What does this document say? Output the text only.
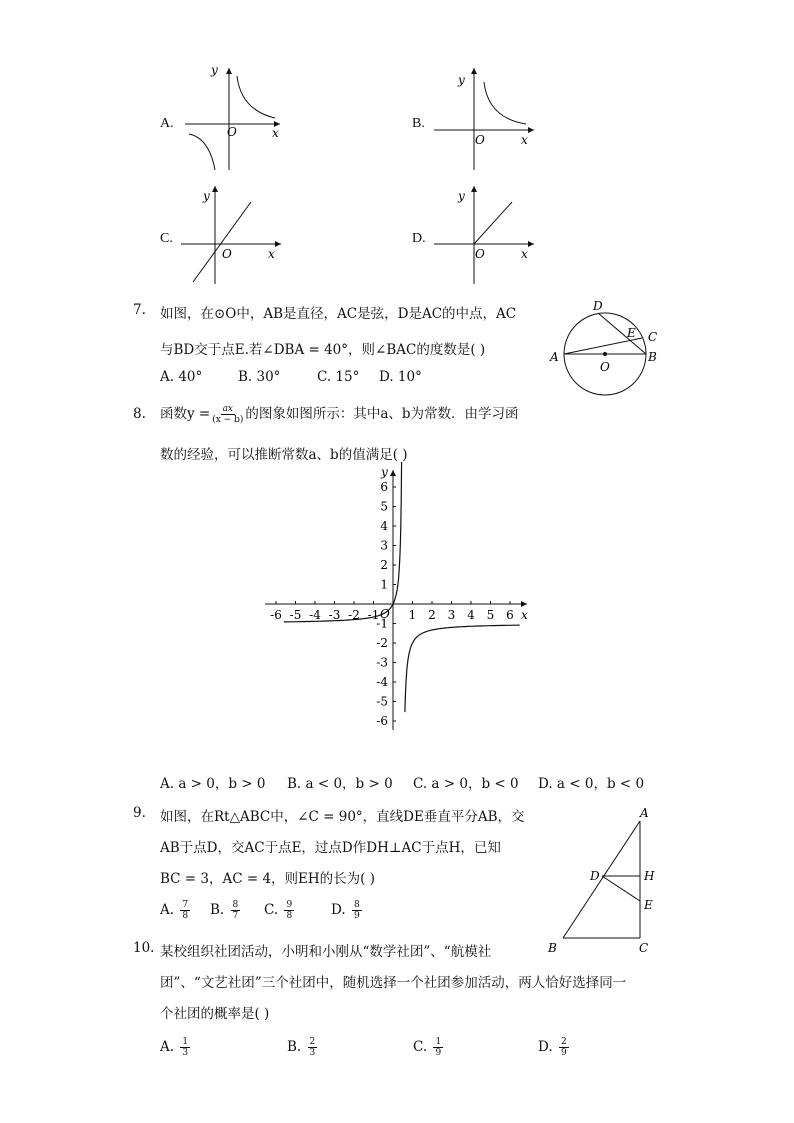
A.
y
x
O
B.
y
x
O
C.
y
x
O
D.
y
x
O
7. 如图，在⊙O中，AB是直径，AC是弦，D是AC的中点，AC
与BD交于点E.若∠DBA = 40°，则∠BAC的度数是( )
A. 40°	B. 30°	C. 15° D. 10°
A	B
C
D
E
O
8. 函数$y = \frac{ax}{(x - b)}$ 的图象如图所示：其中a、b为常数．由学习函
数的经验，可以推断常数a、b的值满足( )
-6 -5 -4 -3 -2 -1 1 2 3 4 5 6
6
5
4
3
2
1
-1
-2
-3
-4
-5
-6
x
y
O
A. a > 0，b > 0 B. a < 0，b > 0 C. a > 0，b < 0 D. a < 0，b < 0
9. 如图，在Rt△ABC中，∠C = 90°，直线DE垂直平分AB，交
AB于点D，交AC于点E，过点D作DH⊥AC于点H，已知
BC = 3，AC = 4，则EH的长为( )
A. $\frac{7}{8} B$. $\frac{8}{7} C$. $\frac{9}{8}$	D. $\frac{8}{9}$
A
B	C
D
E
H
10. 某校组织社团活动，小明和小刚从“数学社团”、“航模社
团”、“文艺社团”三个社团中，随机选择一个社团参加活动，两人恰好选择同一
个社团的概率是( )
A. $\frac{1}{3}$	B. $\frac{2}{3}$	C. $\frac{1}{9}$	D. $\frac{2}{9}$
